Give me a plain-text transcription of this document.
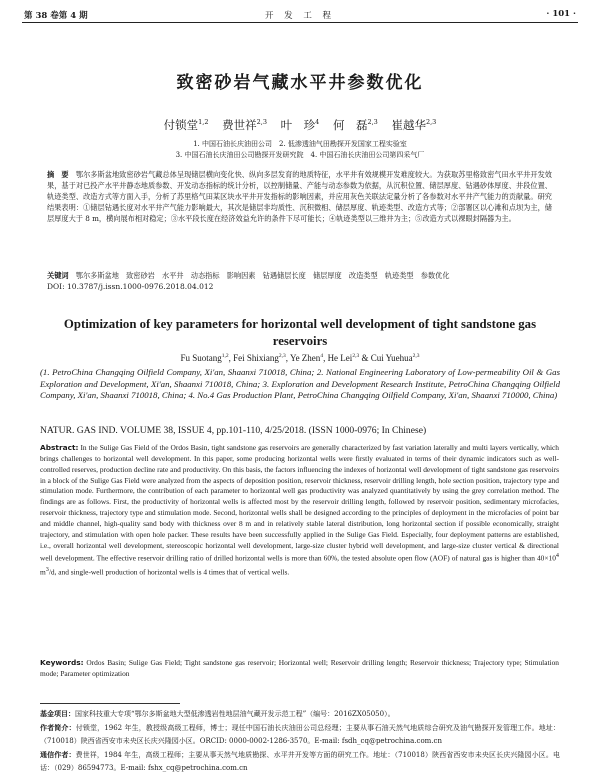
第 38 卷第 4 期	开 发 工 程	· 101 ·
致密砂岩气藏水平井参数优化
付锁堂$^{1,2}$ 费世祥$^{2,3}$ 叶　珍$^4$ 何　磊$^{2,3}$ 崔越华$^{2,3}$
1. 中国石油长庆油田公司　2. 低渗透油气田勘探开发国家工程实验室
3. 中国石油长庆油田公司勘探开发研究院　4. 中国石油长庆油田公司第四采气厂
摘　要　鄂尔多斯盆地致密砂岩气藏总体呈现储层横向变化快、纵向多层发育的地质特征，水平井有效规模开发难度较大。为获取苏里格致密气田水平井开发效果，基于对已投产水平井静态地质参数、开发动态指标的统计分析，以控制储量、产能与动态参数为依据，从沉积位置、储层厚度、钻遇砂体厚度、井段位置、轨迹类型、改造方式等方面入手，分析了苏里格气田某区块水平井开发指标的影响因素，并应用灰色关联法定量分析了各参数对水平井产气能力的贡献量。研究结果表明：①储层钻遇长度对水平井产气能力影响最大，其次是储层非均质性、沉积微相、储层厚度、轨迹类型、改造方式等；②部署区以心滩和点坝为主，储层厚度大于 8 m，横向展布相对稳定；③水平段长度在经济效益允许的条件下尽可能长；④轨迹类型以三维井为主；⑤改造方式以裸眼封隔器为主。
关键词　 鄂尔多斯盆地　致密砂岩　水平井　动态指标　影响因素　钻遇储层长度　储层厚度　改造类型　轨迹类型　参数优化
DOI: 10.3787/j.issn.1000-0976.2018.04.012
Optimization of key parameters for horizontal well development of tight sandstone gas reservoirs
Fu Suotang$^{1,2}$, Fei Shixiang$^{2,3}$, Ye Zhen$^4$, He Lei$^{2,3}$ & Cui Yuehua$^{2,3}$
(1. PetroChina Changqing Oilfield Company, Xi'an, Shaanxi 710018, China; 2. National Engineering Laboratory of Low-permeability Oil & Gas Exploration and Development, Xi'an, Shaanxi 710018, China; 3. Exploration and Development Research Institute, PetroChina Changqing Oilfield Company, Xi'an, Shaanxi 710018, China; 4. No.4 Gas Production Plant, PetroChina Changqing Oilfield Company, Xi'an, Shaanxi 710000, China)
NATUR. GAS IND. VOLUME 38, ISSUE 4, pp.101-110, 4/25/2018. (ISSN 1000-0976; In Chinese)
Abstract: In the Sulige Gas Field of the Ordos Basin, tight sandstone gas reservoirs are generally characterized by fast variation laterally and multi layers vertically, which brings challenges to horizontal well development. In this paper, some producing horizontal wells were firstly evaluated in terms of their dynamic indicators such as well-controlled reserves, production decline rate and productivity. On this basis, the factors influencing the indexes of horizontal well development of tight sandstone gas reservoirs in a block of the Sulige Gas Field were analyzed from the aspects of deposition position, reservoir thickness, reservoir drilling length, hole section position, trajectory type and stimulation mode. Furthermore, the contribution of each parameter to horizontal well gas productivity was analyzed quantitatively by using the grey correlation method. The findings are as follows. First, the productivity of horizontal wells is affected most by the reservoir drilling length, followed by reservoir position, sedimentary microfacies, reservoir thickness, trajectory type and stimulation mode. Second, horizontal wells shall be designed according to the principles of deployment in the microfacies of point bar and middle channel, high-quality sand body with thickness over 8 m and in relatively stable lateral distribution, long horizontal section if possible economically, straight trajectory, and stimulation with open hole packer. These results have been successfully applied in the Sulige Gas Field. Especially, four deployment patterns are established, i.e., overall horizontal well development, stereoscopic horizontal well development, large-size cluster hybrid well development, and large-size cluster vertical & directional well development. The effective reservoir drilling ratio of drilled horizontal wells is more than 60%, the tested absolute open flow (AOF) of natural gas is higher than $40\times 10^4$ $m^3/d$, and single-well production of horizontal wells is 4 times that of vertical wells.
Keywords: Ordos Basin; Sulige Gas Field; Tight sandstone gas reservoir; Horizontal well; Reservoir drilling length; Reservoir thickness; Trajectory type; Stimulation mode; Parameter optimization
基金项目：国家科技重大专项“鄂尔多斯盆地大型低渗透岩性地层油气藏开发示范工程”（编号：2016ZX05050）。
作者简介：付锁堂，1962 年生，教授级高级工程师，博士；现任中国石油长庆油田公司总经理；主要从事石油天然气地质综合研究及油气勘探开发管理工作。地址：（710018）陕西省西安市未央区长庆兴隆园小区。ORCID: 0000-0002-1286-3570。E-mail: fsdh_cq@petrochina.com.cn
通信作者：费世祥，1984 年生，高级工程师；主要从事天然气地质勘探、水平井开发等方面的研究工作。地址：（710018）陕西省西安市未央区长庆兴隆园小区。电话：（029）86594773。E-mail: fshx_cq@petrochina.com.cn
